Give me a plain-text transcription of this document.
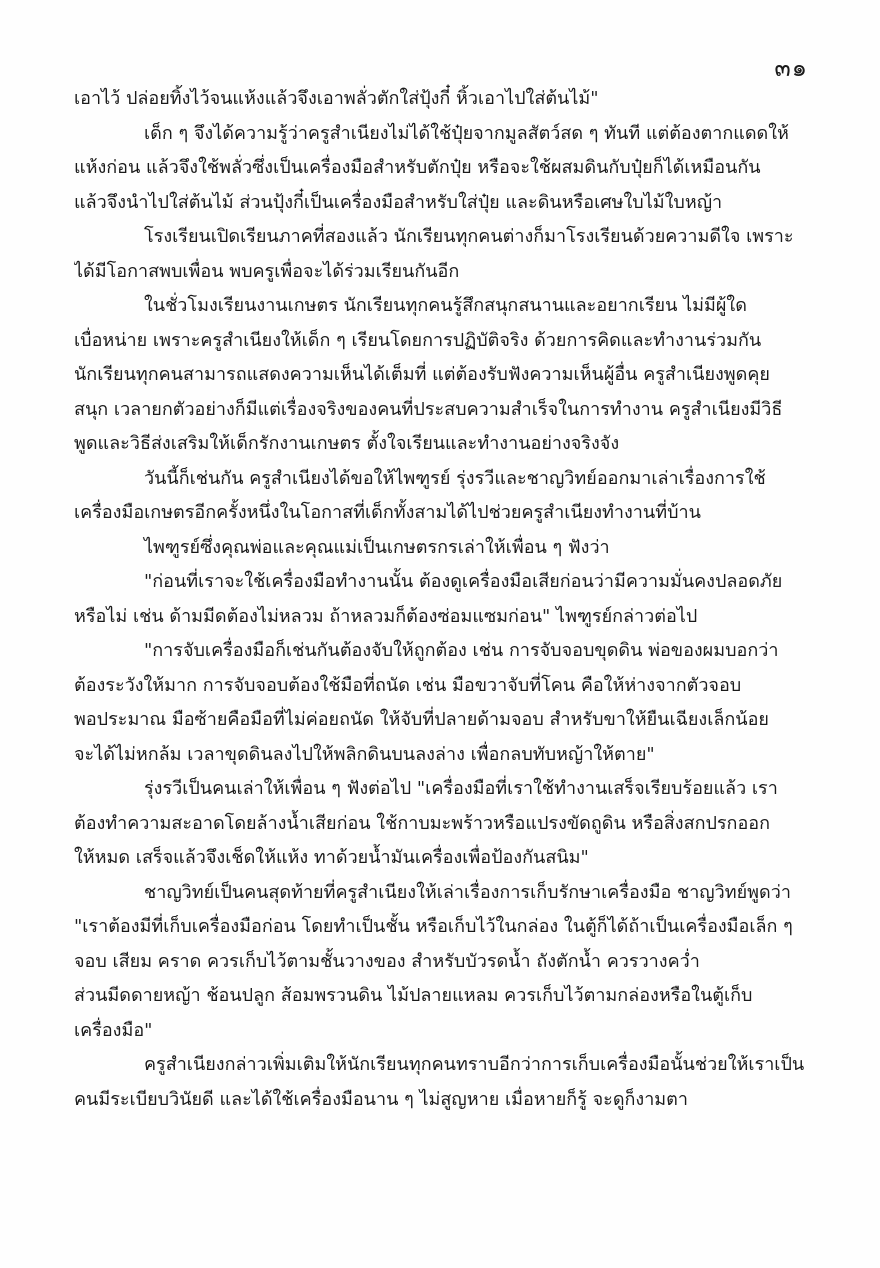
๓๑
เอาไว้ ปล่อยทิ้งไว้จนแห้งแล้วจึงเอาพลั่วตักใส่ปุ้งกี๋ หิ้วเอาไปใส่ต้นไม้"
เด็ก ๆ จึงได้ความรู้ว่าครูสำเนียงไม่ได้ใช้ปุ๋ยจากมูลสัตว์สด ๆ ทันที แต่ต้องตากแดดให้
แห้งก่อน แล้วจึงใช้พลั่วซึ่งเป็นเครื่องมือสำหรับตักปุ๋ย หรือจะใช้ผสมดินกับปุ๋ยก็ได้เหมือนกัน
แล้วจึงนำไปใส่ต้นไม้ ส่วนปุ้งกี๋เป็นเครื่องมือสำหรับใส่ปุ๋ย และดินหรือเศษใบไม้ใบหญ้า
โรงเรียนเปิดเรียนภาคที่สองแล้ว นักเรียนทุกคนต่างก็มาโรงเรียนด้วยความดีใจ เพราะ
ได้มีโอกาสพบเพื่อน พบครูเพื่อจะได้ร่วมเรียนกันอีก
ในชั่วโมงเรียนงานเกษตร นักเรียนทุกคนรู้สึกสนุกสนานและอยากเรียน ไม่มีผู้ใด
เบื่อหน่าย เพราะครูสำเนียงให้เด็ก ๆ เรียนโดยการปฏิบัติจริง ด้วยการคิดและทำงานร่วมกัน
นักเรียนทุกคนสามารถแสดงความเห็นได้เต็มที่ แต่ต้องรับฟังความเห็นผู้อื่น ครูสำเนียงพูดคุย
สนุก เวลายกตัวอย่างก็มีแต่เรื่องจริงของคนที่ประสบความสำเร็จในการทำงาน ครูสำเนียงมีวิธี
พูดและวิธีส่งเสริมให้เด็กรักงานเกษตร ตั้งใจเรียนและทำงานอย่างจริงจัง
วันนี้ก็เช่นกัน ครูสำเนียงได้ขอให้ไพฑูรย์ รุ่งรวีและชาญวิทย์ออกมาเล่าเรื่องการใช้
เครื่องมือเกษตรอีกครั้งหนึ่งในโอกาสที่เด็กทั้งสามได้ไปช่วยครูสำเนียงทำงานที่บ้าน
ไพฑูรย์ซึ่งคุณพ่อและคุณแม่เป็นเกษตรกรเล่าให้เพื่อน ๆ ฟังว่า
"ก่อนที่เราจะใช้เครื่องมือทำงานนั้น ต้องดูเครื่องมือเสียก่อนว่ามีความมั่นคงปลอดภัย
หรือไม่ เช่น ด้ามมีดต้องไม่หลวม ถ้าหลวมก็ต้องซ่อมแซมก่อน" ไพฑูรย์กล่าวต่อไป
"การจับเครื่องมือก็เช่นกันต้องจับให้ถูกต้อง เช่น การจับจอบขุดดิน พ่อของผมบอกว่า
ต้องระวังให้มาก การจับจอบต้องใช้มือที่ถนัด เช่น มือขวาจับที่โคน คือให้ห่างจากตัวจอบ
พอประมาณ มือซ้ายคือมือที่ไม่ค่อยถนัด ให้จับที่ปลายด้ามจอบ สำหรับขาให้ยืนเฉียงเล็กน้อย
จะได้ไม่หกล้ม เวลาขุดดินลงไปให้พลิกดินบนลงล่าง เพื่อกลบทับหญ้าให้ตาย"
รุ่งรวีเป็นคนเล่าให้เพื่อน ๆ ฟังต่อไป "เครื่องมือที่เราใช้ทำงานเสร็จเรียบร้อยแล้ว เรา
ต้องทำความสะอาดโดยล้างน้ำเสียก่อน ใช้กาบมะพร้าวหรือแปรงขัดถูดิน หรือสิ่งสกปรกออก
ให้หมด เสร็จแล้วจึงเช็ดให้แห้ง ทาด้วยน้ำมันเครื่องเพื่อป้องกันสนิม"
ชาญวิทย์เป็นคนสุดท้ายที่ครูสำเนียงให้เล่าเรื่องการเก็บรักษาเครื่องมือ ชาญวิทย์พูดว่า
"เราต้องมีที่เก็บเครื่องมือก่อน โดยทำเป็นชั้น หรือเก็บไว้ในกล่อง ในตู้ก็ได้ถ้าเป็นเครื่องมือเล็ก ๆ
จอบ เสียม คราด ควรเก็บไว้ตามชั้นวางของ สำหรับบัวรดน้ำ ถังตักน้ำ ควรวางคว่ำ
ส่วนมีดดายหญ้า ช้อนปลูก ส้อมพรวนดิน ไม้ปลายแหลม ควรเก็บไว้ตามกล่องหรือในตู้เก็บ
เครื่องมือ"
ครูสำเนียงกล่าวเพิ่มเติมให้นักเรียนทุกคนทราบอีกว่าการเก็บเครื่องมือนั้นช่วยให้เราเป็น
คนมีระเบียบวินัยดี และได้ใช้เครื่องมือนาน ๆ ไม่สูญหาย เมื่อหายก็รู้ จะดูก็งามตา
